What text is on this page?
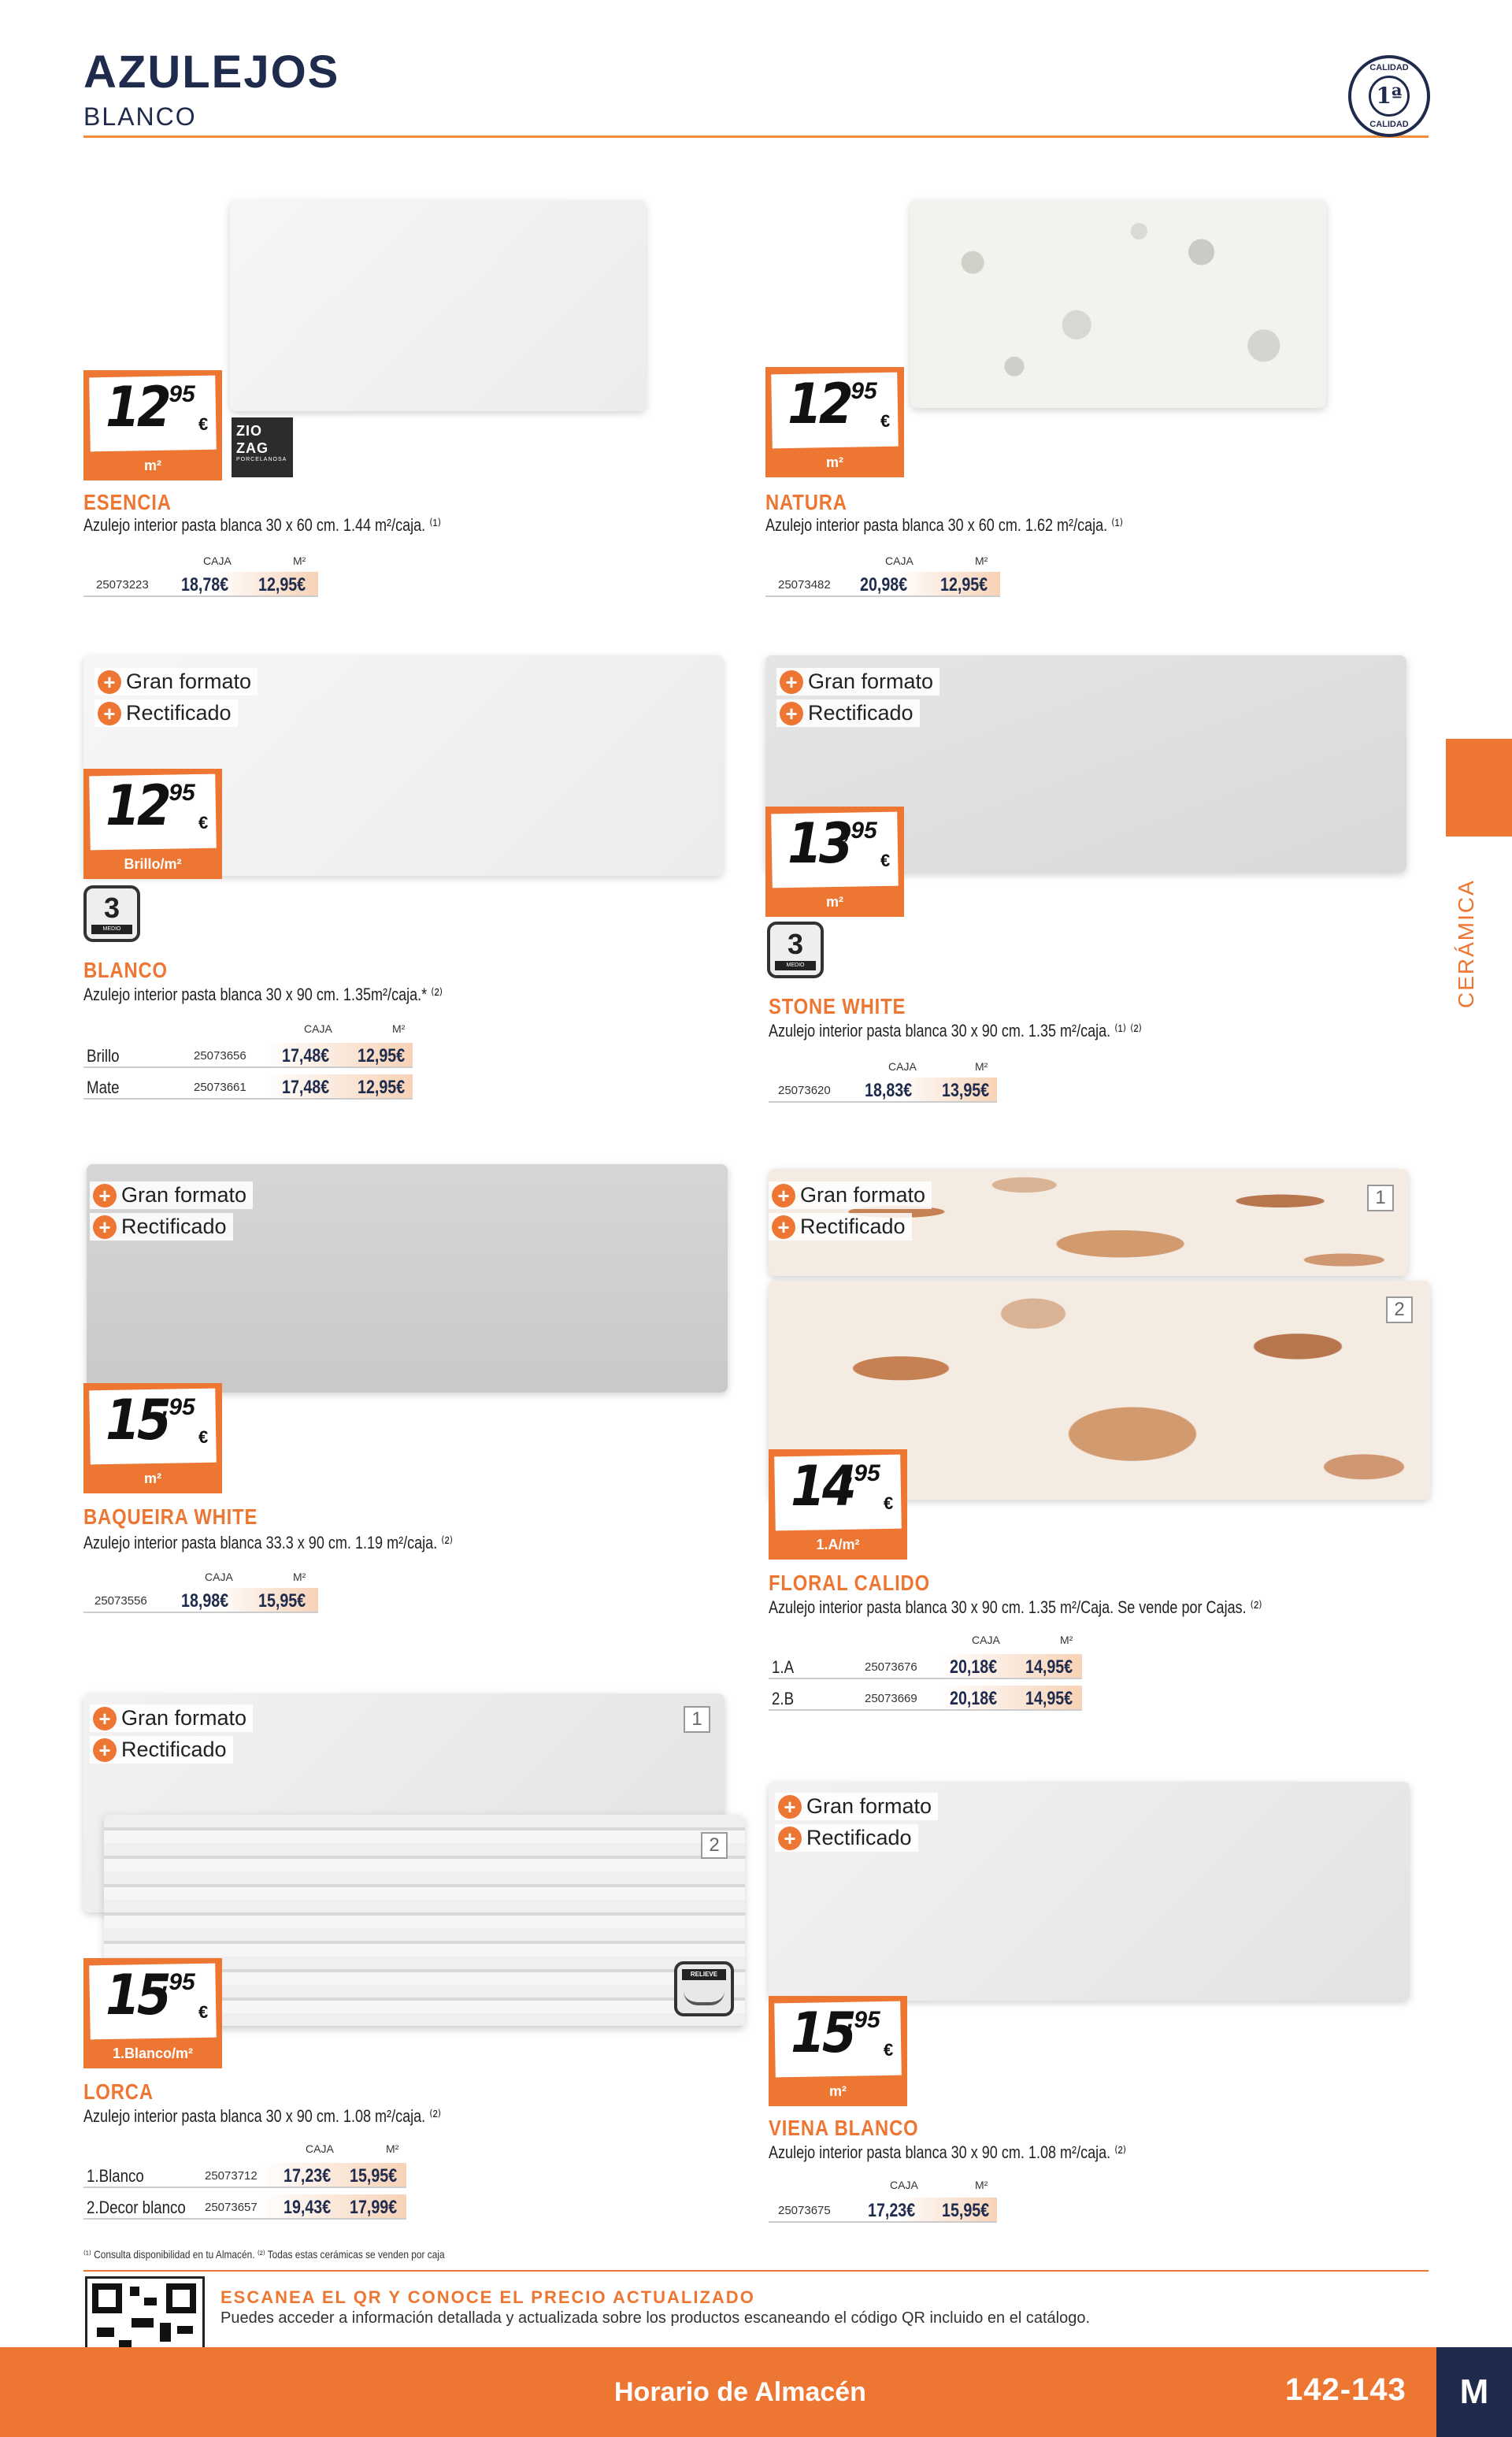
AZULEJOS
BLANCO
CALIDAD
1ª
CALIDAD
CERÁMICA
12
,95
€
m²
ZIO
ZAG
PORCELANOSA
ESENCIA
Azulejo interior pasta blanca 30 x 60 cm. 1.44 m²/caja. ⁽¹⁾
CAJA	M²
25073223 18,78€ 12,95€
12
,95
€
m²
NATURA
Azulejo interior pasta blanca 30 x 60 cm. 1.62 m²/caja. ⁽¹⁾
CAJA	M²
25073482 20,98€ 12,95€
+ Gran formato
+ Rectificado
12
,95
€
Brillo/m²
3
MEDIO
BLANCO
Azulejo interior pasta blanca 30 x 90 cm. 1.35m²/caja.* ⁽²⁾
CAJA	M²
Brillo	25073656 17,48€ 12,95€
Mate	25073661 17,48€ 12,95€
+ Gran formato
+ Rectificado
13
,95
€
m²
3
MEDIO
STONE WHITE
Azulejo interior pasta blanca 30 x 90 cm. 1.35 m²/caja. ⁽¹⁾ ⁽²⁾
CAJA	M²
25073620 18,83€ 13,95€
+ Gran formato
+ Rectificado
15
,95
€
m²
BAQUEIRA WHITE
Azulejo interior pasta blanca 33.3 x 90 cm. 1.19 m²/caja. ⁽²⁾
CAJA	M²
25073556 18,98€ 15,95€
1
2
+ Gran formato
+ Rectificado
14
,95
€
1.A/m²
FLORAL CALIDO
Azulejo interior pasta blanca 30 x 90 cm. 1.35 m²/Caja. Se vende por Cajas. ⁽²⁾
CAJA	M²
1.A	25073676 20,18€ 14,95€
2.B	25073669 20,18€ 14,95€
1
2
+ Gran formato
+ Rectificado
RELIEVE
15
,95
€
1.Blanco/m²
LORCA
Azulejo interior pasta blanca 30 x 90 cm. 1.08 m²/caja. ⁽²⁾
CAJA	M²
1.Blanco	25073712 17,23€ 15,95€
2.Decor blanco 25073657 19,43€ 17,99€
+ Gran formato
+ Rectificado
15
,95
€
m²
VIENA BLANCO
Azulejo interior pasta blanca 30 x 90 cm. 1.08 m²/caja. ⁽²⁾
CAJA	M²
25073675 17,23€ 15,95€
⁽¹⁾ Consulta disponibilidad en tu Almacén. ⁽²⁾ Todas estas cerámicas se venden por caja
ESCANEA EL QR Y CONOCE EL PRECIO ACTUALIZADO
Puedes acceder a información detallada y actualizada sobre los productos escaneando el código QR incluido en el catálogo.
Horario de Almacén	142-143	M
